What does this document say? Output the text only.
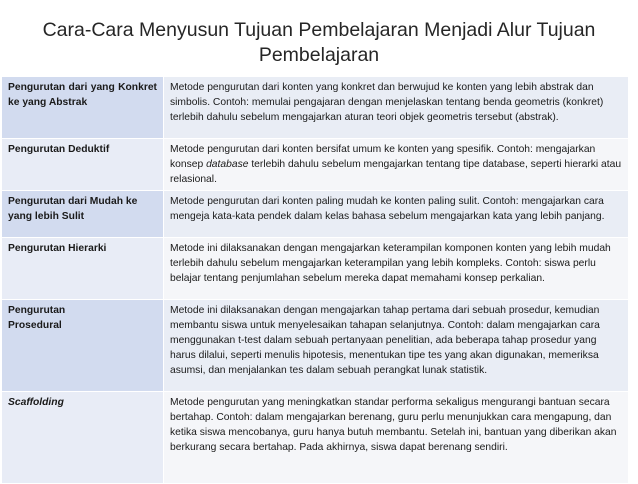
Cara-Cara Menyusun Tujuan Pembelajaran Menjadi Alur Tujuan Pembelajaran
Pengurutan dari yang Konkret ke yang Abstrak	Metode pengurutan dari konten yang konkret dan berwujud ke konten yang lebih abstrak dan simbolis. Contoh: memulai pengajaran dengan menjelaskan tentang benda geometris (konkret) terlebih dahulu sebelum mengajarkan aturan teori objek geometris tersebut (abstrak).
Pengurutan Deduktif	Metode pengurutan dari konten bersifat umum ke konten yang spesifik. Contoh: mengajarkan konsep database terlebih dahulu sebelum mengajarkan tentang tipe database, seperti hierarki atau relasional.
Pengurutan dari Mudah ke yang lebih Sulit	Metode pengurutan dari konten paling mudah ke konten paling sulit. Contoh: mengajarkan cara mengeja kata-kata pendek dalam kelas bahasa sebelum mengajarkan kata yang lebih panjang.
Pengurutan Hierarki	Metode ini dilaksanakan dengan mengajarkan keterampilan komponen konten yang lebih mudah terlebih dahulu sebelum mengajarkan keterampilan yang lebih kompleks. Contoh: siswa perlu belajar tentang penjumlahan sebelum mereka dapat memahami konsep perkalian.

Pengurutan Prosedural	Metode ini dilaksanakan dengan mengajarkan tahap pertama dari sebuah prosedur, kemudian membantu siswa untuk menyelesaikan tahapan selanjutnya. Contoh: dalam mengajarkan cara menggunakan t-test dalam sebuah pertanyaan penelitian, ada beberapa tahap prosedur yang harus dilalui, seperti menulis hipotesis, menentukan tipe tes yang akan digunakan, memeriksa asumsi, dan menjalankan tes dalam sebuah perangkat lunak statistik.
Scaffolding	Metode pengurutan yang meningkatkan standar performa sekaligus mengurangi bantuan secara bertahap. Contoh: dalam mengajarkan berenang, guru perlu menunjukkan cara mengapung, dan ketika siswa mencobanya, guru hanya butuh membantu. Setelah ini, bantuan yang diberikan akan berkurang secara bertahap. Pada akhirnya, siswa dapat berenang sendiri.
